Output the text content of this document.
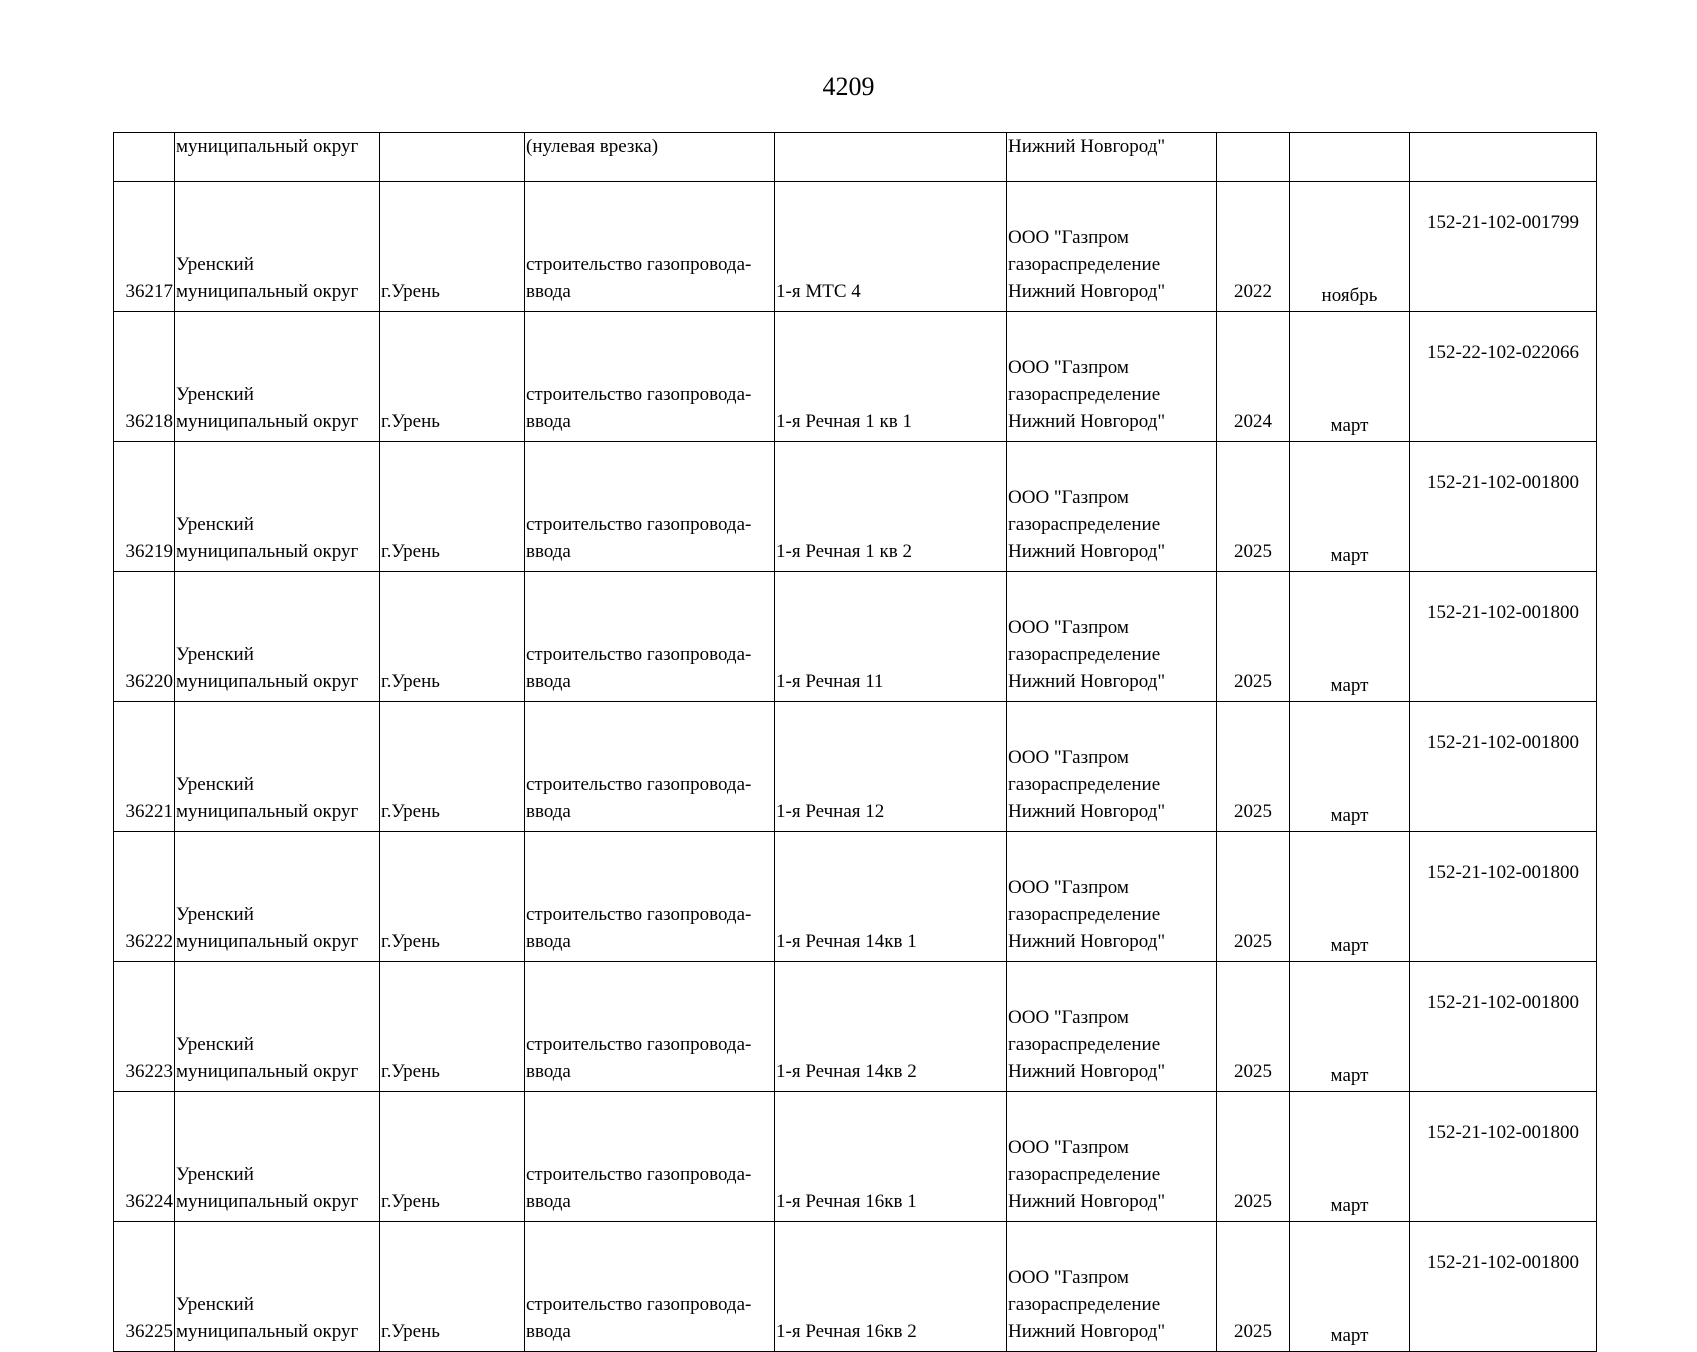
4209
	муниципальный округ		(нулевая врезка)		Нижний Новгород"			
36217	Уренский
муниципальный округ	г.Урень	строительство газопровода-
ввода	1-я МТС 4	ООО "Газпром
газораспределение
Нижний Новгород"	2022	ноябрь	152-21-102-001799
36218	Уренский
муниципальный округ	г.Урень	строительство газопровода-
ввода	1-я Речная 1 кв 1	ООО "Газпром
газораспределение
Нижний Новгород"	2024	март	152-22-102-022066
36219	Уренский
муниципальный округ	г.Урень	строительство газопровода-
ввода	1-я Речная 1 кв 2	ООО "Газпром
газораспределение
Нижний Новгород"	2025	март	152-21-102-001800
36220	Уренский
муниципальный округ	г.Урень	строительство газопровода-
ввода	1-я Речная 11	ООО "Газпром
газораспределение
Нижний Новгород"	2025	март	152-21-102-001800
36221	Уренский
муниципальный округ	г.Урень	строительство газопровода-
ввода	1-я Речная 12	ООО "Газпром
газораспределение
Нижний Новгород"	2025	март	152-21-102-001800
36222	Уренский
муниципальный округ	г.Урень	строительство газопровода-
ввода	1-я Речная 14кв 1	ООО "Газпром
газораспределение
Нижний Новгород"	2025	март	152-21-102-001800
36223	Уренский
муниципальный округ	г.Урень	строительство газопровода-
ввода	1-я Речная 14кв 2	ООО "Газпром
газораспределение
Нижний Новгород"	2025	март	152-21-102-001800
36224	Уренский
муниципальный округ	г.Урень	строительство газопровода-
ввода	1-я Речная 16кв 1	ООО "Газпром
газораспределение
Нижний Новгород"	2025	март	152-21-102-001800
36225	Уренский
муниципальный округ	г.Урень	строительство газопровода-
ввода	1-я Речная 16кв 2	ООО "Газпром
газораспределение
Нижний Новгород"	2025	март	152-21-102-001800
